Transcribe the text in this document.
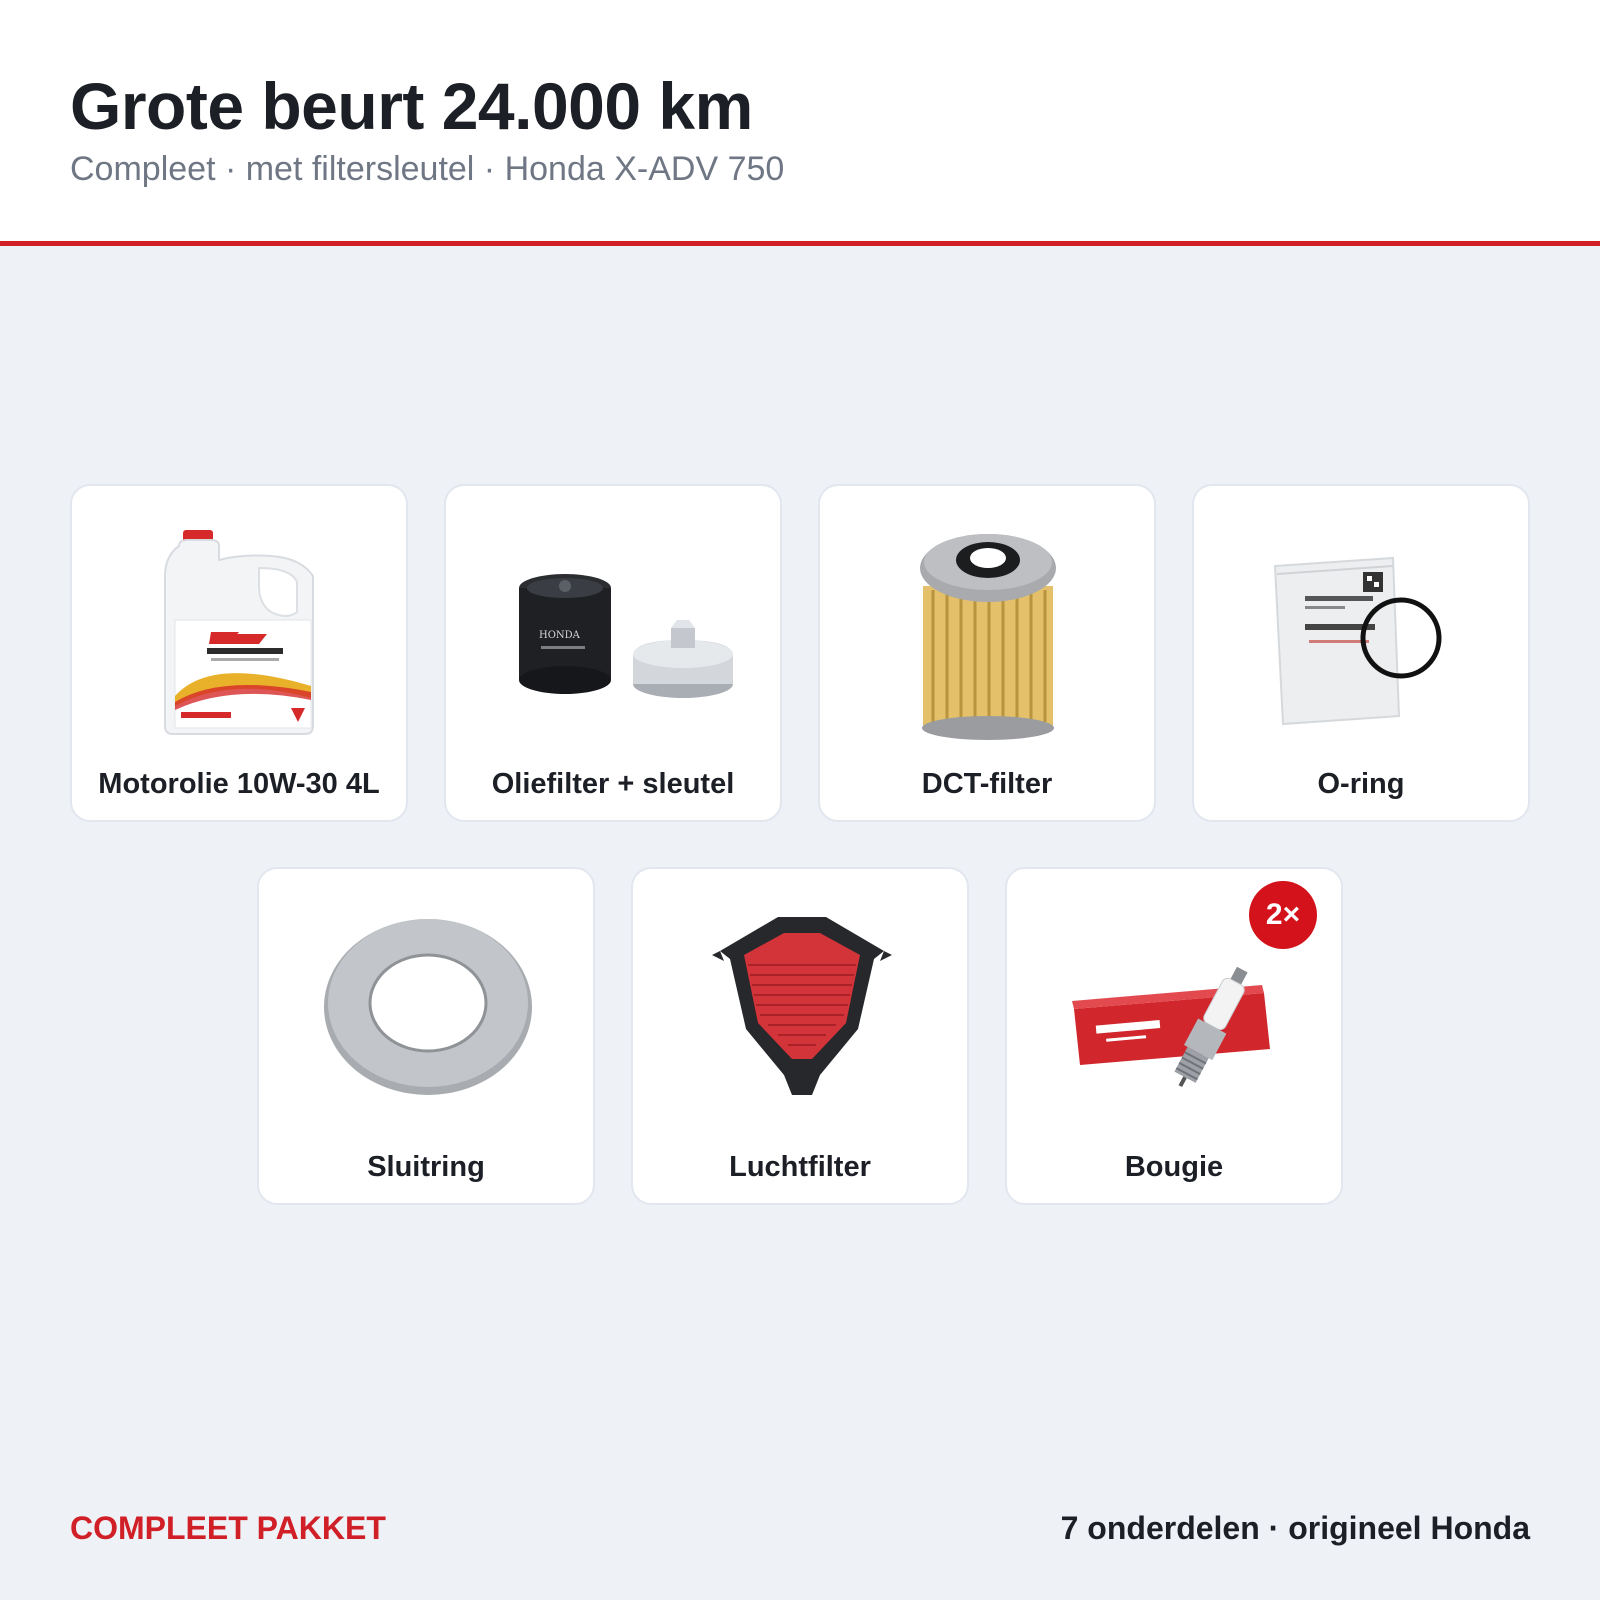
Grote beurt 24.000 km
Compleet · met filtersleutel · Honda X-ADV 750
Motorolie 10W-30 4L
HONDA
Oliefilter + sleutel	DCT-filter	O-ring
Sluitring	Luchtfilter	Bougie
2×
COMPLEET PAKKET	7 onderdelen · origineel Honda
